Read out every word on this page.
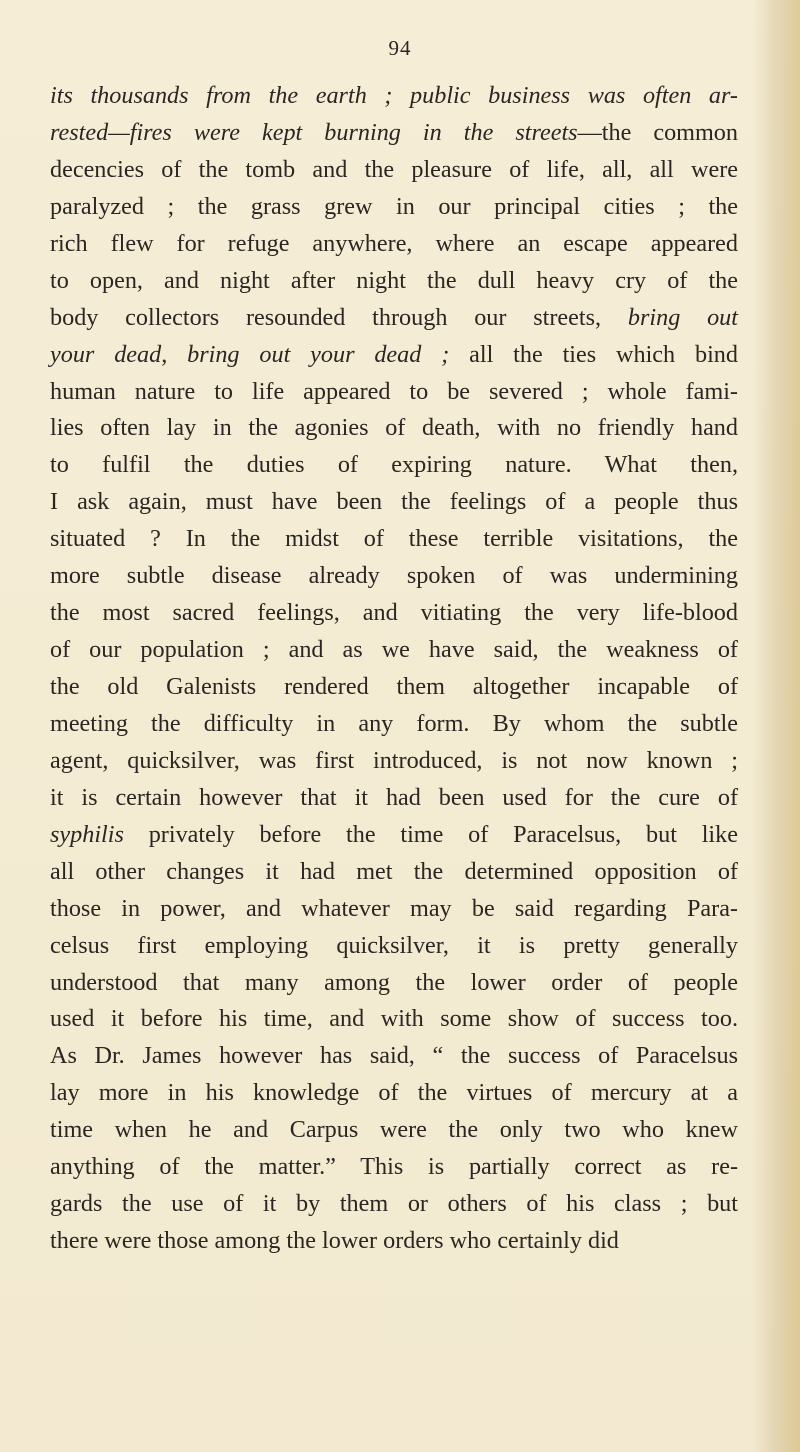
94
its thousands from the earth ; public business was often ar-
rested—fires were kept burning in the streets—the common
decencies of the tomb and the pleasure of life, all, all were
paralyzed ; the grass grew in our principal cities ; the
rich flew for refuge anywhere, where an escape appeared
to open, and night after night the dull heavy cry of the
body collectors resounded through our streets, bring out
your dead, bring out your dead ; all the ties which bind
human nature to life appeared to be severed ; whole fami-
lies often lay in the agonies of death, with no friendly hand
to fulfil the duties of expiring nature. What then,
I ask again, must have been the feelings of a people thus
situated ? In the midst of these terrible visitations, the
more subtle disease already spoken of was undermining
the most sacred feelings, and vitiating the very life-blood
of our population ; and as we have said, the weakness of
the old Galenists rendered them altogether incapable of
meeting the difficulty in any form. By whom the subtle
agent, quicksilver, was first introduced, is not now known ;
it is certain however that it had been used for the cure of
syphilis privately before the time of Paracelsus, but like
all other changes it had met the determined opposition of
those in power, and whatever may be said regarding Para-
celsus first employing quicksilver, it is pretty generally
understood that many among the lower order of people
used it before his time, and with some show of success too.
As Dr. James however has said, “ the success of Paracelsus
lay more in his knowledge of the virtues of mercury at a
time when he and Carpus were the only two who knew
anything of the matter.” This is partially correct as re-
gards the use of it by them or others of his class ; but
there were those among the lower orders who certainly did
